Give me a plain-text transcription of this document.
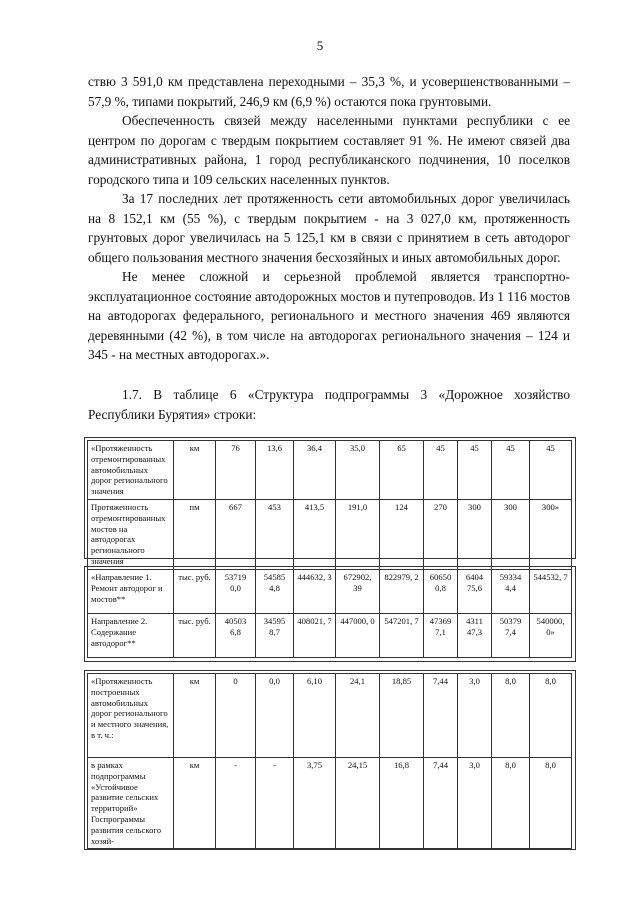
5

ствю 3 591,0 км представлена переходными – 35,3 %, и усовершенствованными – 57,9 %, типами покрытий, 246,9 км (6,9 %) остаются пока грунтовыми.

Обеспеченность связей между населенными пунктами республики с ее центром по дорогам с твердым покрытием составляет 91 %. Не имеют связей два административных района, 1 город республиканского подчинения, 10 поселков городского типа и 109 сельских населенных пунктов.

За 17 последних лет протяженность сети автомобильных дорог увеличилась на 8 152,1 км (55 %), с твердым покрытием - на 3 027,0 км, протяженность грунтовых дорог увеличилась на 5 125,1 км в связи с принятием в сеть автодорог общего пользования местного значения бесхозяйных и иных автомобильных дорог.

Не менее сложной и серьезной проблемой является транспортно-эксплуатационное состояние автодорожных мостов и путепроводов. Из 1 116 мостов на автодорогах федерального, регионального и местного значения 469 являются деревянными (42 %), в том числе на автодорогах регионального значения – 124 и 345 - на местных автодорогах.».

1.7. В таблице 6 «Структура подпрограммы 3 «Дорожное хозяйство Республики Бурятия» строки:

«Протяженность отремонтированных автомобильных дорог регионального значения	км	76	13,6	36,4	35,0	65	45	45	45	45
Протяженность отремонтированных мостов на автодорогах регионального значения	пм	667	453	413,5	191,0	124	270	300	300	300»
«Направление 1. Ремонт автодорог и мостов**	тыс. руб.	53719 0,0	54585 4,8	444632, 3	672902, 39	822979, 2	60650 0,8	6404 75,6	59334 4,4	544532, 7
Направление 2. Содержание автодорог**	тыс. руб.	40503 6,8	34595 8,7	408021, 7	447000, 0	547201, 7	47369 7,1	4311 47,3	50379 7,4	540000, 0»
«Протяженность построенных автомобильных дорог регионального и местного значения, в т. ч.:	км	0	0,0	6,10	24,1	18,85	7,44	3,0	8,0	8,0
в рамках подпрограммы «Устойчивое развитие сельских территорий» Госпрограммы развития сельского хозяй-	км	-	-	3,75	24,15	16,8	7,44	3,0	8,0	8,0
